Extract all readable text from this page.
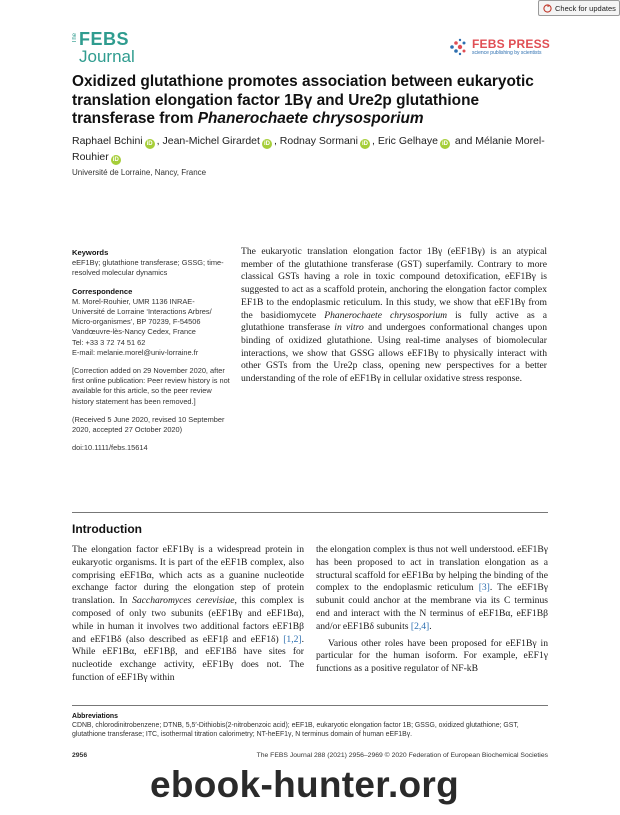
Check for updates
The FEBS
Journal
FEBS PRESS
science publishing by scientists
Oxidized glutathione promotes association between eukaryotic translation elongation factor 1Bγ and Ure2p glutathione transferase from Phanerochaete chrysosporium
Raphael Bchini iD , Jean-Michel Girardet iD , Rodnay Sormani iD , Eric Gelhaye iD and Mélanie Morel-Rouhier iD
Université de Lorraine, Nancy, France
Keywords
eEF1Bγ; glutathione transferase; GSSG; time-resolved molecular dynamics
Correspondence
M. Morel-Rouhier, UMR 1136 INRAE-
Université de Lorraine ‘Interactions Arbres/
Micro-organismes’, BP 70239, F-54506
Vandœuvre-lès-Nancy Cedex, France
Tel: +33 3 72 74 51 62
E-mail: melanie.morel@univ-lorraine.fr
[Correction added on 29 November 2020, after first online publication: Peer review history is not available for this article, so the peer review history statement has been removed.]
(Received 5 June 2020, revised 10 September 2020, accepted 27 October 2020)
doi:10.1111/febs.15614
The eukaryotic translation elongation factor 1Bγ (eEF1Bγ) is an atypical member of the glutathione transferase (GST) superfamily. Contrary to more classical GSTs having a role in toxic compound detoxification, eEF1Bγ is suggested to act as a scaffold protein, anchoring the elongation factor complex EF1B to the endoplasmic reticulum. In this study, we show that eEF1Bγ from the basidiomycete Phanerochaete chrysosporium is fully active as a glutathione transferase in vitro and undergoes conformational changes upon binding of oxidized glutathione. Using real-time analyses of biomolecular interactions, we show that GSSG allows eEF1Bγ to physically interact with other GSTs from the Ure2p class, opening new perspectives for a better understanding of the role of eEF1Bγ in cellular oxidative stress response.
Introduction

The elongation factor eEF1Bγ is a widespread protein in eukaryotic organisms. It is part of the eEF1B complex, also comprising eEF1Bα, which acts as a guanine nucleotide exchange factor during the elongation step of protein translation. In Saccharomyces cerevisiae, this complex is composed of only two subunits (eEF1Bγ and eEF1Bα), while in human it involves two additional factors eEF1Bβ and eEF1Bδ (also described as eEF1β and eEF1δ) [1,2]. While eEF1Bα, eEF1Bβ, and eEF1Bδ have sites for nucleotide exchange activity, eEF1Bγ does not. The function of eEF1Bγ within

the elongation complex is thus not well understood. eEF1Bγ has been proposed to act in translation elongation as a structural scaffold for eEF1Bα by helping the binding of the complex to the endoplasmic reticulum [3]. The eEF1Bγ subunit could anchor at the membrane via its C terminus end and interact with the N terminus of eEF1Bα, eEF1Bβ and/or eEF1Bδ subunits [2,4].

Various other roles have been proposed for eEF1Bγ in particular for the human isoform. For example, eEF1γ functions as a positive regulator of NF-kB

Abbreviations
CDNB, chlorodinitrobenzene; DTNB, 5,5′-Dithiobis(2-nitrobenzoic acid); eEF1B, eukaryotic elongation factor 1B; GSSG, oxidized glutathione; GST, glutathione transferase; ITC, isothermal titration calorimetry; NT-heEF1γ, N terminus domain of human eEF1Bγ.
2956	The FEBS Journal 288 (2021) 2956–2969 © 2020 Federation of European Biochemical Societies
ebook-hunter.org
